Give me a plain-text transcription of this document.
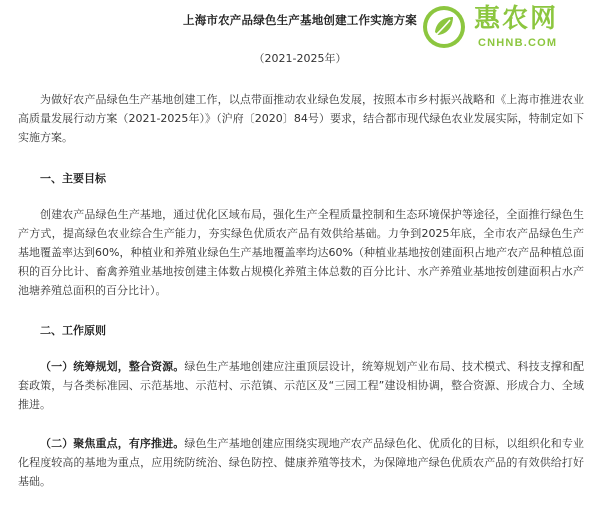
上海市农产品绿色生产基地创建工作实施方案	惠农网
CNHNB.COM
（2021-2025年）
为做好农产品绿色生产基地创建工作，以点带面推动农业绿色发展，按照本市乡村振兴战略和《上海市推进农业高质量发展行动方案（2021-2025年）》（沪府〔2020〕84号）要求，结合都市现代绿色农业发展实际，特制定如下实施方案。
一、主要目标
创建农产品绿色生产基地，通过优化区域布局，强化生产全程质量控制和生态环境保护等途径，全面推行绿色生产方式，提高绿色农业综合生产能力，夯实绿色优质农产品有效供给基础。力争到2025年底，全市农产品绿色生产基地覆盖率达到60%，种植业和养殖业绿色生产基地覆盖率均达60%（种植业基地按创建面积占地产农产品种植总面积的百分比计、畜禽养殖业基地按创建主体数占规模化养殖主体总数的百分比计、水产养殖业基地按创建面积占水产池塘养殖总面积的百分比计）。
二、工作原则
（一）统筹规划，整合资源。绿色生产基地创建应注重顶层设计，统筹规划产业布局、技术模式、科技支撑和配套政策，与各类标准园、示范基地、示范村、示范镇、示范区及“三园工程”建设相协调，整合资源、形成合力、全域推进。
（二）聚焦重点，有序推进。绿色生产基地创建应围绕实现地产农产品绿色化、优质化的目标，以组织化和专业化程度较高的基地为重点，应用统防统治、绿色防控、健康养殖等技术，为保障地产绿色优质农产品的有效供给打好基础。
